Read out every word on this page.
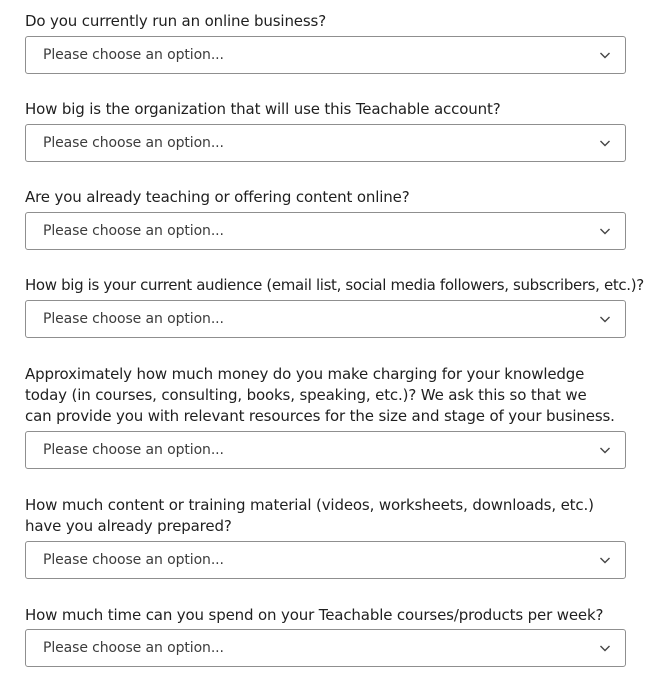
Do you currently run an online business?

Please choose an option...

How big is the organization that will use this Teachable account?

Please choose an option...

Are you already teaching or offering content online?

Please choose an option...

How big is your current audience (email list, social media followers, subscribers, etc.)?

Please choose an option...

Approximately how much money do you make charging for your knowledge today (in courses, consulting, books, speaking, etc.)? We ask this so that we can provide you with relevant resources for the size and stage of your business.

Please choose an option...

How much content or training material (videos, worksheets, downloads, etc.) have you already prepared?

Please choose an option...

How much time can you spend on your Teachable courses/products per week?

Please choose an option...
